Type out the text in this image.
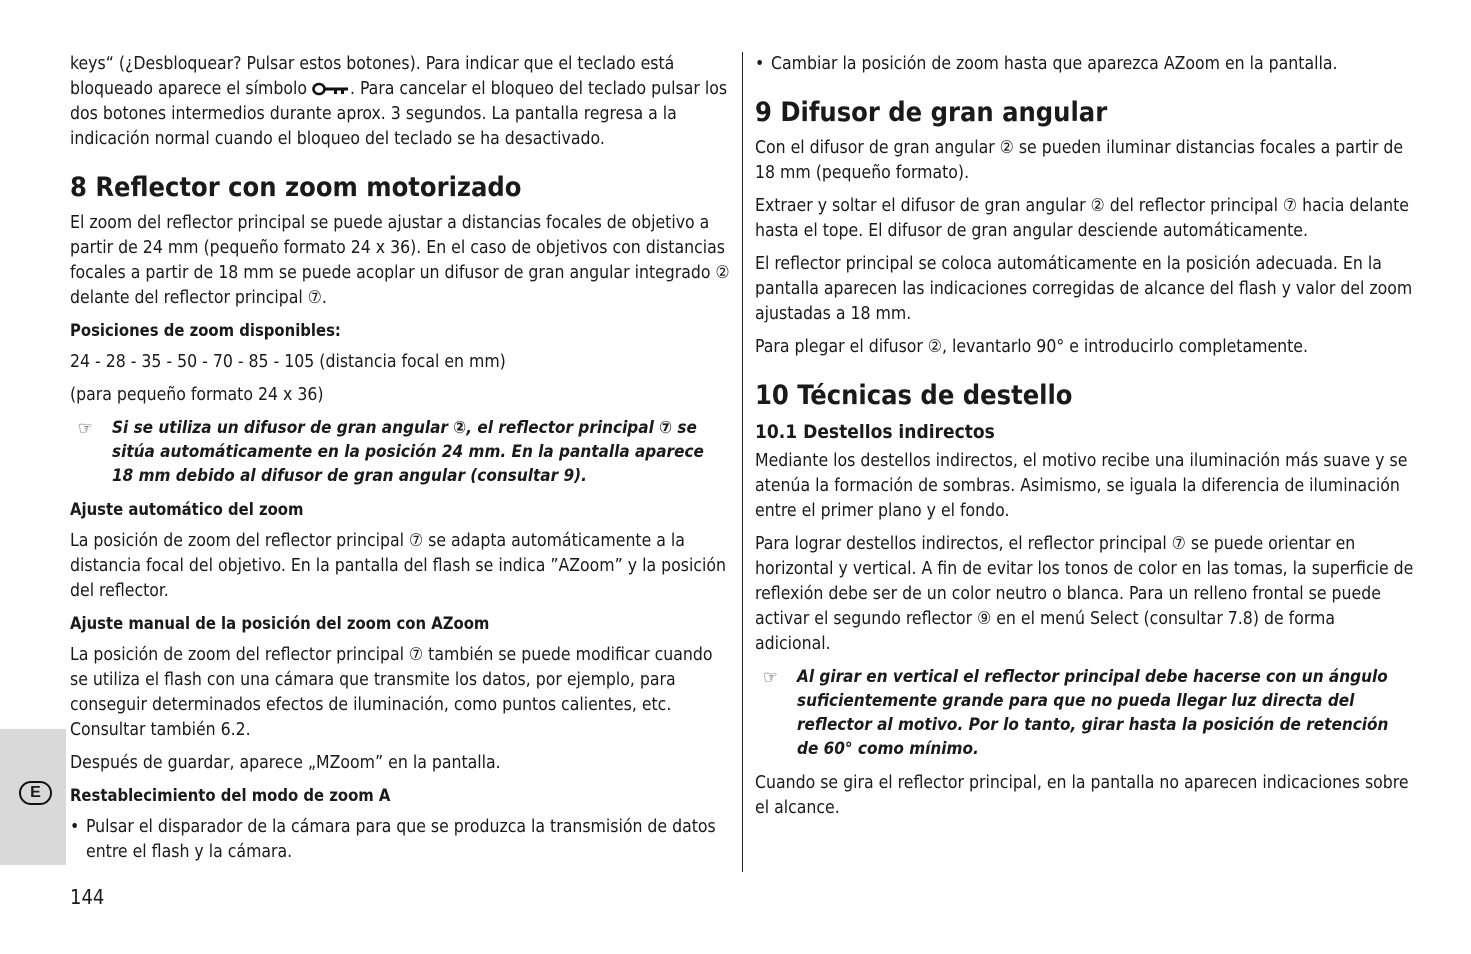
E

keys“ (¿Desbloquear? Pulsar estos botones). Para indicar que el teclado está bloqueado aparece el símbolo . Para cancelar el bloqueo del teclado pulsar los dos botones intermedios durante aprox. 3 segundos. La pantalla regresa a la indicación normal cuando el bloqueo del teclado se ha desactivado.

8 Reflector con zoom motorizado

El zoom del reflector principal se puede ajustar a distancias focales de objetivo a partir de 24 mm (pequeño formato 24 x 36). En el caso de objetivos con distancias focales a partir de 18 mm se puede acoplar un difusor de gran angular integrado ② delante del reflector principal ⑦.

Posiciones de zoom disponibles:

24 - 28 - 35 - 50 - 70 - 85 - 105 (distancia focal en mm)

(para pequeño formato 24 x 36)

☞ Si se utiliza un difusor de gran angular ②, el reflector principal ⑦ se sitúa automáticamente en la posición 24 mm. En la pantalla aparece 18 mm debido al difusor de gran angular (consultar 9).

Ajuste automático del zoom

La posición de zoom del reflector principal ⑦ se adapta automáticamente a la distancia focal del objetivo. En la pantalla del flash se indica ”AZoom” y la posición del reflector.

Ajuste manual de la posición del zoom con AZoom

La posición de zoom del reflector principal ⑦ también se puede modificar cuando se utiliza el flash con una cámara que transmite los datos, por ejemplo, para conseguir determinados efectos de iluminación, como puntos calientes, etc. Consultar también 6.2.

Después de guardar, aparece „MZoom” en la pantalla.

Restablecimiento del modo de zoom A

• Pulsar el disparador de la cámara para que se produzca la transmisión de datos entre el flash y la cámara.

• Cambiar la posición de zoom hasta que aparezca AZoom en la pantalla.

9 Difusor de gran angular

Con el difusor de gran angular ② se pueden iluminar distancias focales a partir de 18 mm (pequeño formato).

Extraer y soltar el difusor de gran angular ② del reflector principal ⑦ hacia delante hasta el tope. El difusor de gran angular desciende automáticamente.

El reflector principal se coloca automáticamente en la posición adecuada. En la pantalla aparecen las indicaciones corregidas de alcance del flash y valor del zoom ajustadas a 18 mm.

Para plegar el difusor ②, levantarlo 90° e introducirlo completamente.

10 Técnicas de destello
10.1 Destellos indirectos

Mediante los destellos indirectos, el motivo recibe una iluminación más suave y se atenúa la formación de sombras. Asimismo, se iguala la diferencia de iluminación entre el primer plano y el fondo.

Para lograr destellos indirectos, el reflector principal ⑦ se puede orientar en horizontal y vertical. A fin de evitar los tonos de color en las tomas, la superficie de reflexión debe ser de un color neutro o blanca. Para un relleno frontal se puede activar el segundo reflector ⑨ en el menú Select (consultar 7.8) de forma adicional.

☞ Al girar en vertical el reflector principal debe hacerse con un ángulo suficientemente grande para que no pueda llegar luz directa del reflector al motivo. Por lo tanto, girar hasta la posición de retención de 60° como mínimo.

Cuando se gira el reflector principal, en la pantalla no aparecen indicaciones sobre el alcance.

144
